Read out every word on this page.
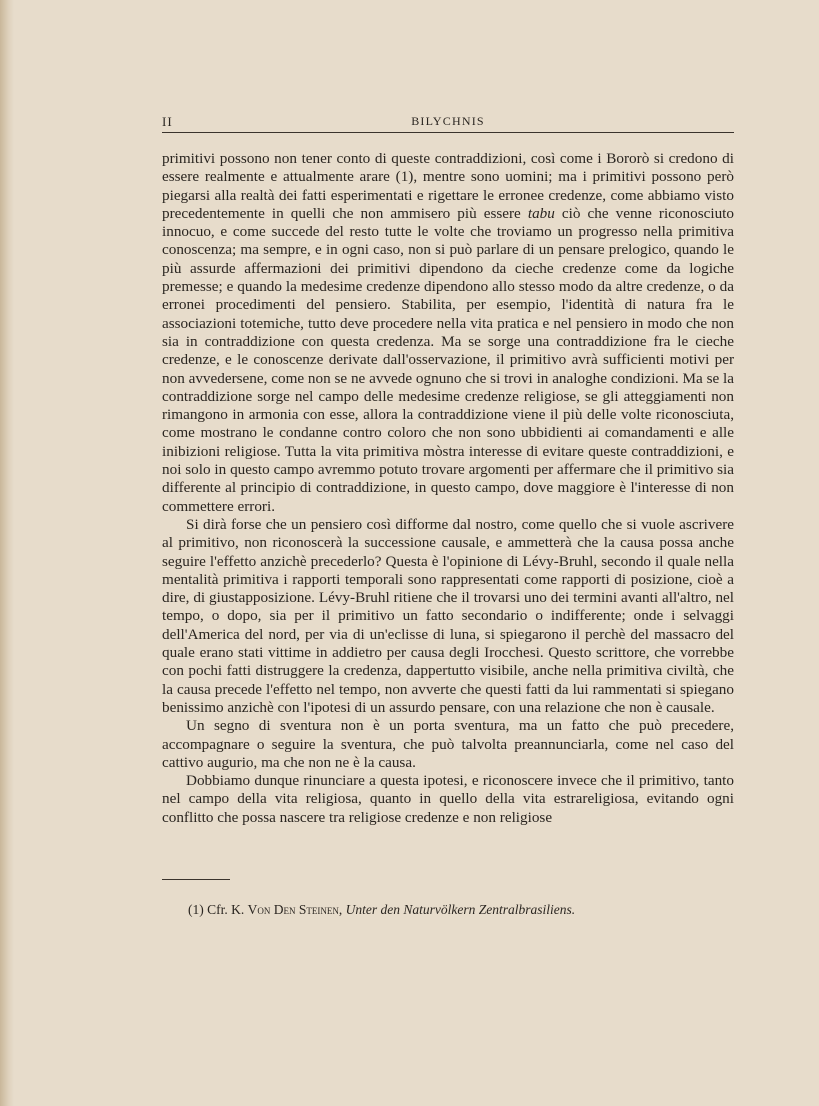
II	BILYCHNIS

primitivi possono non tener conto di queste contraddizioni, così come i Bororò si credono di essere realmente e attualmente arare (1), mentre sono uomini; ma i primitivi possono però piegarsi alla realtà dei fatti esperimentati e rigettare le erronee credenze, come abbiamo visto precedentemente in quelli che non ammisero più essere tabu ciò che venne riconosciuto innocuo, e come succede del resto tutte le volte che troviamo un progresso nella primitiva conoscenza; ma sempre, e in ogni caso, non si può parlare di un pensare prelogico, quando le più assurde affermazioni dei primitivi dipendono da cieche credenze come da logiche premesse; e quando la medesime credenze dipendono allo stesso modo da altre credenze, o da erronei procedimenti del pensiero. Stabilita, per esempio, l'identità di natura fra le associazioni totemiche, tutto deve procedere nella vita pratica e nel pensiero in modo che non sia in contraddizione con questa credenza. Ma se sorge una contraddizione fra le cieche credenze, e le conoscenze derivate dall'osservazione, il primitivo avrà sufficienti motivi per non avvedersene, come non se ne avvede ognuno che si trovi in analoghe condizioni. Ma se la contraddizione sorge nel campo delle medesime credenze religiose, se gli atteggiamenti non rimangono in armonia con esse, allora la contraddizione viene il più delle volte riconosciuta, come mostrano le condanne contro coloro che non sono ubbidienti ai comandamenti e alle inibizioni religiose. Tutta la vita primitiva mòstra interesse di evitare queste contraddizioni, e noi solo in questo campo avremmo potuto trovare argomenti per affermare che il primitivo sia differente al principio di contraddizione, in questo campo, dove maggiore è l'interesse di non commettere errori.

Si dirà forse che un pensiero così difforme dal nostro, come quello che si vuole ascrivere al primitivo, non riconoscerà la successione causale, e ammetterà che la causa possa anche seguire l'effetto anzichè precederlo? Questa è l'opinione di Lévy-Bruhl, secondo il quale nella mentalità primitiva i rapporti temporali sono rappresentati come rapporti di posizione, cioè a dire, di giustapposizione. Lévy-Bruhl ritiene che il trovarsi uno dei termini avanti all'altro, nel tempo, o dopo, sia per il primitivo un fatto secondario o indifferente; onde i selvaggi dell'America del nord, per via di un'eclisse di luna, si spiegarono il perchè del massacro del quale erano stati vittime in addietro per causa degli Irocchesi. Questo scrittore, che vorrebbe con pochi fatti distruggere la credenza, dappertutto visibile, anche nella primitiva civiltà, che la causa precede l'effetto nel tempo, non avverte che questi fatti da lui rammentati si spiegano benissimo anzichè con l'ipotesi di un assurdo pensare, con una relazione che non è causale.

Un segno di sventura non è un porta sventura, ma un fatto che può precedere, accompagnare o seguire la sventura, che può talvolta preannunciarla, come nel caso del cattivo augurio, ma che non ne è la causa.

Dobbiamo dunque rinunciare a questa ipotesi, e riconoscere invece che il primitivo, tanto nel campo della vita religiosa, quanto in quello della vita estrareligiosa, evitando ogni conflitto che possa nascere tra religiose credenze e non religiose

(1) Cfr. K. Von Den Steinen, Unter den Naturvölkern Zentralbrasiliens.
